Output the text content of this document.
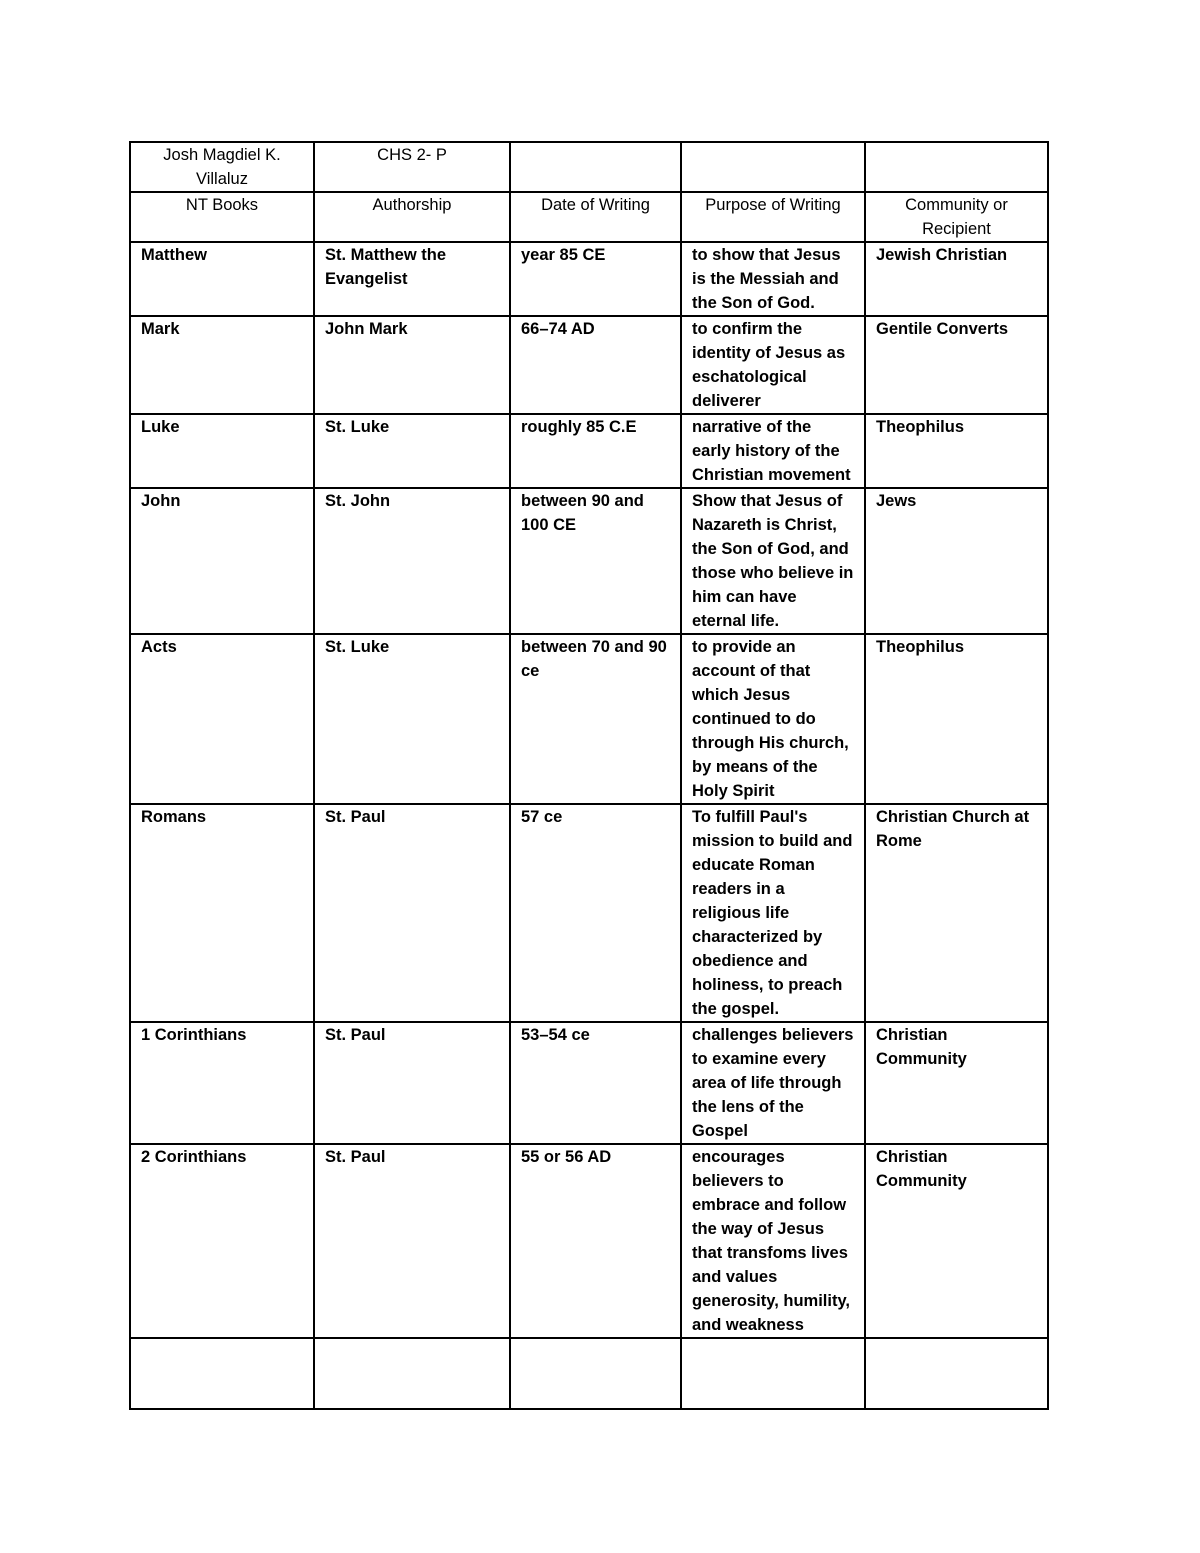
Josh Magdiel K. Villaluz	CHS 2- P			
NT Books	Authorship	Date of Writing	Purpose of Writing	Community or Recipient
Matthew	St. Matthew the Evangelist	year 85 CE	to show that Jesus is the Messiah and the Son of God.	Jewish Christian
Mark	John Mark	66–74 AD	to confirm the identity of Jesus as eschatological deliverer	Gentile Converts
Luke	St. Luke	roughly 85 C.E	narrative of the early history of the Christian movement	Theophilus
John	St. John	between 90 and 100 CE	Show that Jesus of Nazareth is Christ, the Son of God, and those who believe in him can have eternal life.	Jews
Acts	St. Luke	between 70 and 90 ce	to provide an account of that which Jesus continued to do through His church, by means of the Holy Spirit	Theophilus
Romans	St. Paul	57 ce	To fulfill Paul's mission to build and educate Roman readers in a religious life characterized by obedience and holiness, to preach the gospel.	Christian Church at Rome
1 Corinthians	St. Paul	53–54 ce	challenges believers to examine every area of life through the lens of the Gospel	Christian Community
2 Corinthians	St. Paul	55 or 56 AD	encourages believers to embrace and follow the way of Jesus that transfoms lives and values generosity, humility, and weakness	Christian Community
